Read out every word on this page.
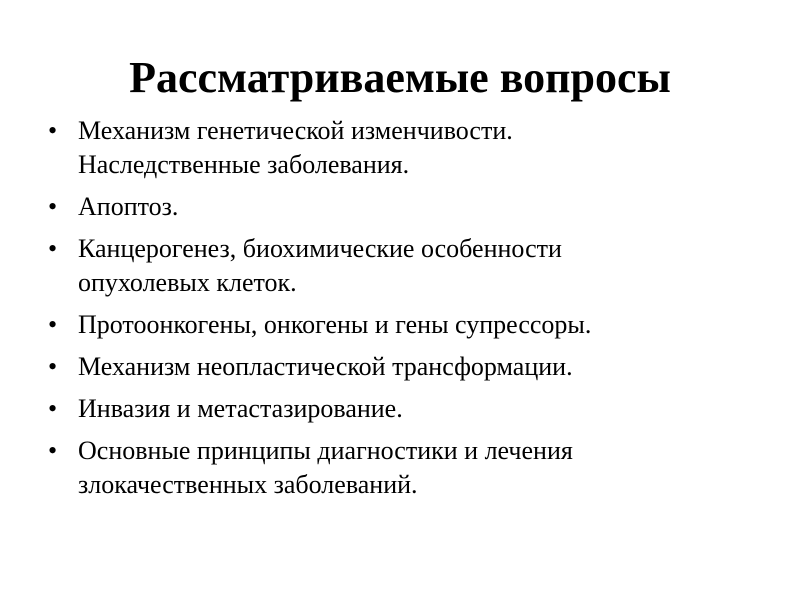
Рассматриваемые вопросы
• Механизм генетической изменчивости.
Наследственные заболевания.
• Апоптоз.
• Канцерогенез, биохимические особенности
опухолевых клеток.
• Протоонкогены, онкогены и гены супрессоры.
• Механизм неопластической трансформации.
• Инвазия и метастазирование.
• Основные принципы диагностики и лечения
злокачественных заболеваний.
